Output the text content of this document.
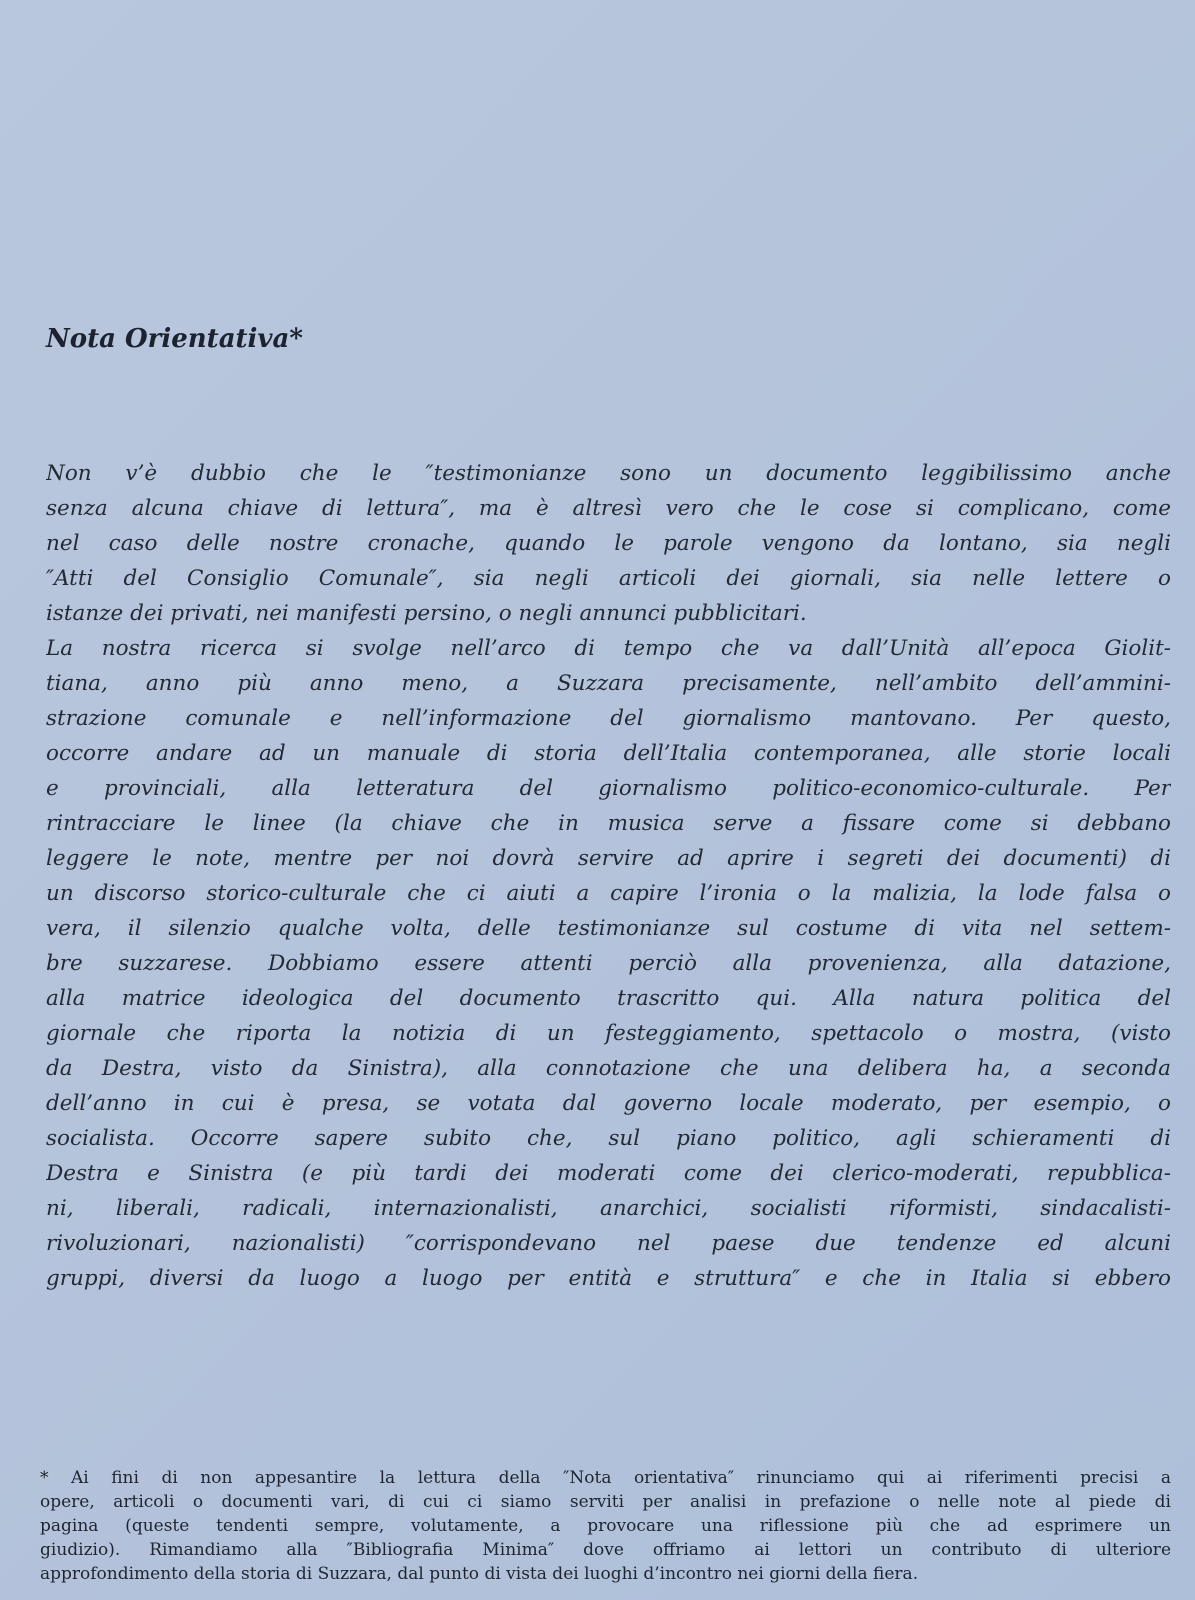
Nota Orientativa*
Non v’è dubbio che le ″testimonianze sono un documento leggibilissimo anche
senza alcuna chiave di lettura″, ma è altresì vero che le cose si complicano, come
nel caso delle nostre cronache, quando le parole vengono da lontano, sia negli
″Atti del Consiglio Comunale″, sia negli articoli dei giornali, sia nelle lettere o
istanze dei privati, nei manifesti persino, o negli annunci pubblicitari.
La nostra ricerca si svolge nell’arco di tempo che va dall’Unità all’epoca Giolit-
tiana, anno più anno meno, a Suzzara precisamente, nell’ambito dell’ammini-
strazione comunale e nell’informazione del giornalismo mantovano. Per questo,
occorre andare ad un manuale di storia dell’Italia contemporanea, alle storie locali
e provinciali, alla letteratura del giornalismo politico-economico-culturale. Per
rintracciare le linee (la chiave che in musica serve a fissare come si debbano
leggere le note, mentre per noi dovrà servire ad aprire i segreti dei documenti) di
un discorso storico-culturale che ci aiuti a capire l’ironia o la malizia, la lode falsa o
vera, il silenzio qualche volta, delle testimonianze sul costume di vita nel settem-
bre suzzarese. Dobbiamo essere attenti perciò alla provenienza, alla datazione,
alla matrice ideologica del documento trascritto qui. Alla natura politica del
giornale che riporta la notizia di un festeggiamento, spettacolo o mostra, (visto
da Destra, visto da Sinistra), alla connotazione che una delibera ha, a seconda
dell’anno in cui è presa, se votata dal governo locale moderato, per esempio, o
socialista. Occorre sapere subito che, sul piano politico, agli schieramenti di
Destra e Sinistra (e più tardi dei moderati come dei clerico-moderati, repubblica-
ni, liberali, radicali, internazionalisti, anarchici, socialisti riformisti, sindacalisti-
rivoluzionari, nazionalisti) ″corrispondevano nel paese due tendenze ed alcuni
gruppi, diversi da luogo a luogo per entità e struttura″ e che in Italia si ebbero
* Ai fini di non appesantire la lettura della ″Nota orientativa″ rinunciamo qui ai riferimenti precisi a
opere, articoli o documenti vari, di cui ci siamo serviti per analisi in prefazione o nelle note al piede di
pagina (queste tendenti sempre, volutamente, a provocare una riflessione più che ad esprimere un
giudizio). Rimandiamo alla ″Bibliografia Minima″ dove offriamo ai lettori un contributo di ulteriore
approfondimento della storia di Suzzara, dal punto di vista dei luoghi d’incontro nei giorni della fiera.
